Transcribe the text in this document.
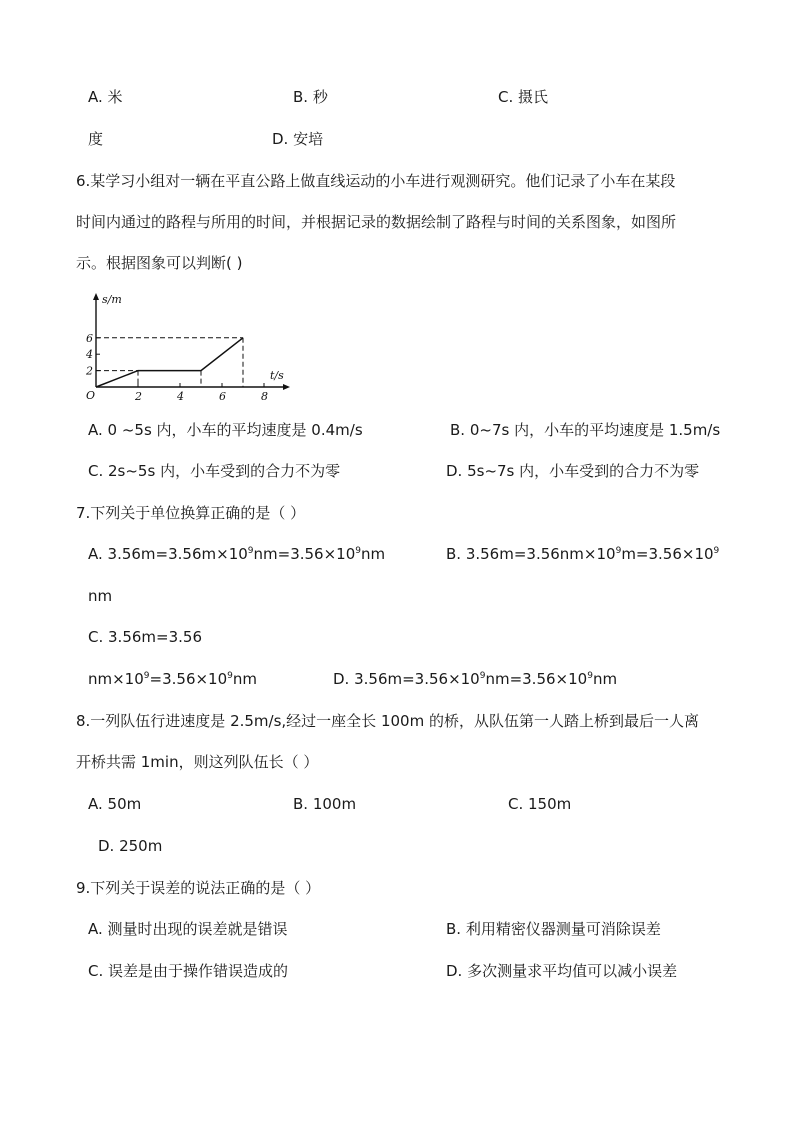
A. 米	B. 秒	C. 摄氏
度	D. 安培
6.某学习小组对一辆在平直公路上做直线运动的小车进行观测研究。他们记录了小车在某段
时间内通过的路程与所用的时间，并根据记录的数据绘制了路程与时间的关系图象，如图所
示。根据图象可以判断( )
2	4	6	8
2
4
6
s/m
t/s
O
A. 0 ~5s 内，小车的平均速度是 0.4m/s	B. 0~7s 内，小车的平均速度是 1.5m/s
C. 2s~5s 内，小车受到的合力不为零	D. 5s~7s 内，小车受到的合力不为零
7.下列关于单位换算正确的是（ ）
A. $3.56m=3.56m\times 10^9nm=3.56\times 10^9nm$	B. $3.56m=3.56nm\times 10^9m=3.56\times 10^9$
nm
C. 3.56m=3.56
$nm\times 10^9=3.56\times 10^9nm$	D. $3.56m=3.56\times 10^9nm=3.56\times 10^9nm$
8.一列队伍行进速度是 2.5m/s,经过一座全长 100m 的桥，从队伍第一人踏上桥到最后一人离
开桥共需 1min，则这列队伍长（ ）
A. 50m	B. 100m	C. 150m
D. 250m
9.下列关于误差的说法正确的是（ ）
A. 测量时出现的误差就是错误	B. 利用精密仪器测量可消除误差
C. 误差是由于操作错误造成的	D. 多次测量求平均值可以减小误差
